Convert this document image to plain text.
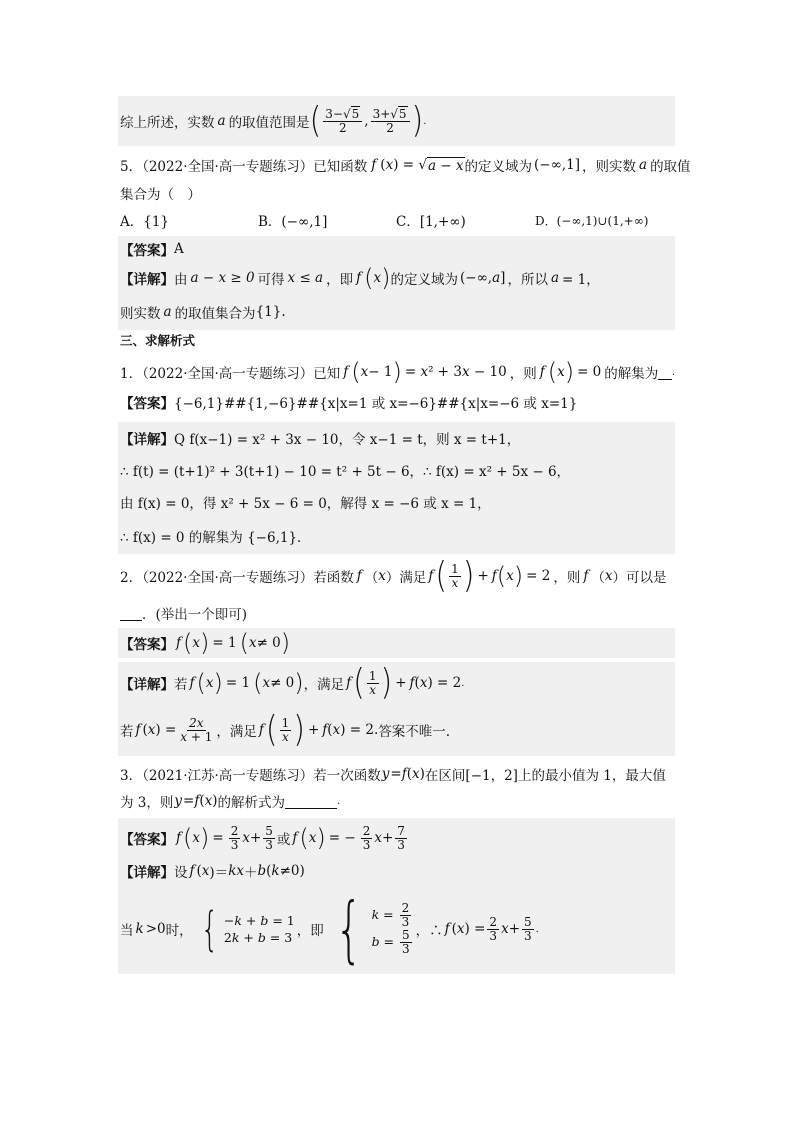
综上所述，实数 a 的取值范围是 ( $\frac{3-√5}{2}$ , $\frac{3+√5}{2}$ ) .
5．（2022·全国·高一专题练习）已知函数 f ( x ) = √ a − x 的定义域为 (−∞,1] ，则实数 a 的取值
集合为（　）
A．{1}	B．(−∞,1]	C．[1,+∞)	D．(−∞,1)∪(1,+∞)
【答案】 A
【详解】 由 a − x ≥ 0 可得 x ≤ a ，即 f ( x ) 的定义域为 (−∞,a] ，所以 a = 1，
则实数 a 的取值集合为 {1}.
三、求解析式
1．（2022·全国·高一专题练习）已知 f ( x − 1 ) = x² + 3x − 10 ，则 f ( x ) = 0 的解集为 .
【答案】 {−6,1}##{1,−6}##{x|x=1 或 x=−6}##{x|x=−6 或 x=1}
【详解】 Q f(x−1) = x² + 3x − 10，令 x−1 = t，则 x = t+1，
∴ f(t) = (t+1)² + 3(t+1) − 10 = t² + 5t − 6，∴ f(x) = x² + 5x − 6，
由 f(x) = 0，得 x² + 5x − 6 = 0，解得 x = −6 或 x = 1，
∴ f(x) = 0 的解集为 {−6,1}．
2．（2022·全国·高一专题练习）若函数 f （ x ） 满足 f ( $\frac{1}{x}$ ) + f ( x ) = 2 ，则 f （ x ） 可以是
．(举出一个即可)
【答案】 f ( x ) = 1 ( x ≠ 0 )
【详解】 若 f ( x ) = 1 ( x ≠ 0 ) ，满足 f ( $\frac{1}{x}$ ) + f ( x ) = 2 .
若 f ( x ) = $\frac{2x}{x + 1}$ ，满足 f ( $\frac{1}{x}$ ) + f ( x ) = 2. 答案不唯一.
3．（2021·江苏·高一专题练习）若一次函数 y = f ( x ) 在区间[−1，2]上的最小值为 1，最大值
为 3，则 y = f ( x ) 的解析式为	.
【答案】 f ( x ) = $\frac{2}{3}$ $x + \frac{5}{3}$ 或 f ( x ) = − $\frac{2}{3}$ $x + \frac{7}{3}$
【详解】 设 f ( x )＝ kx ＋ b ( k ≠0)
当 k >0 时， { −k + b = 1
2k + b = 3 ，即 { $k = \frac{2}{3}$
$b = \frac{5}{3}$ ，∴ f ( x ) = $\frac{2}{3}$ $x + \frac{5}{3}$ .
